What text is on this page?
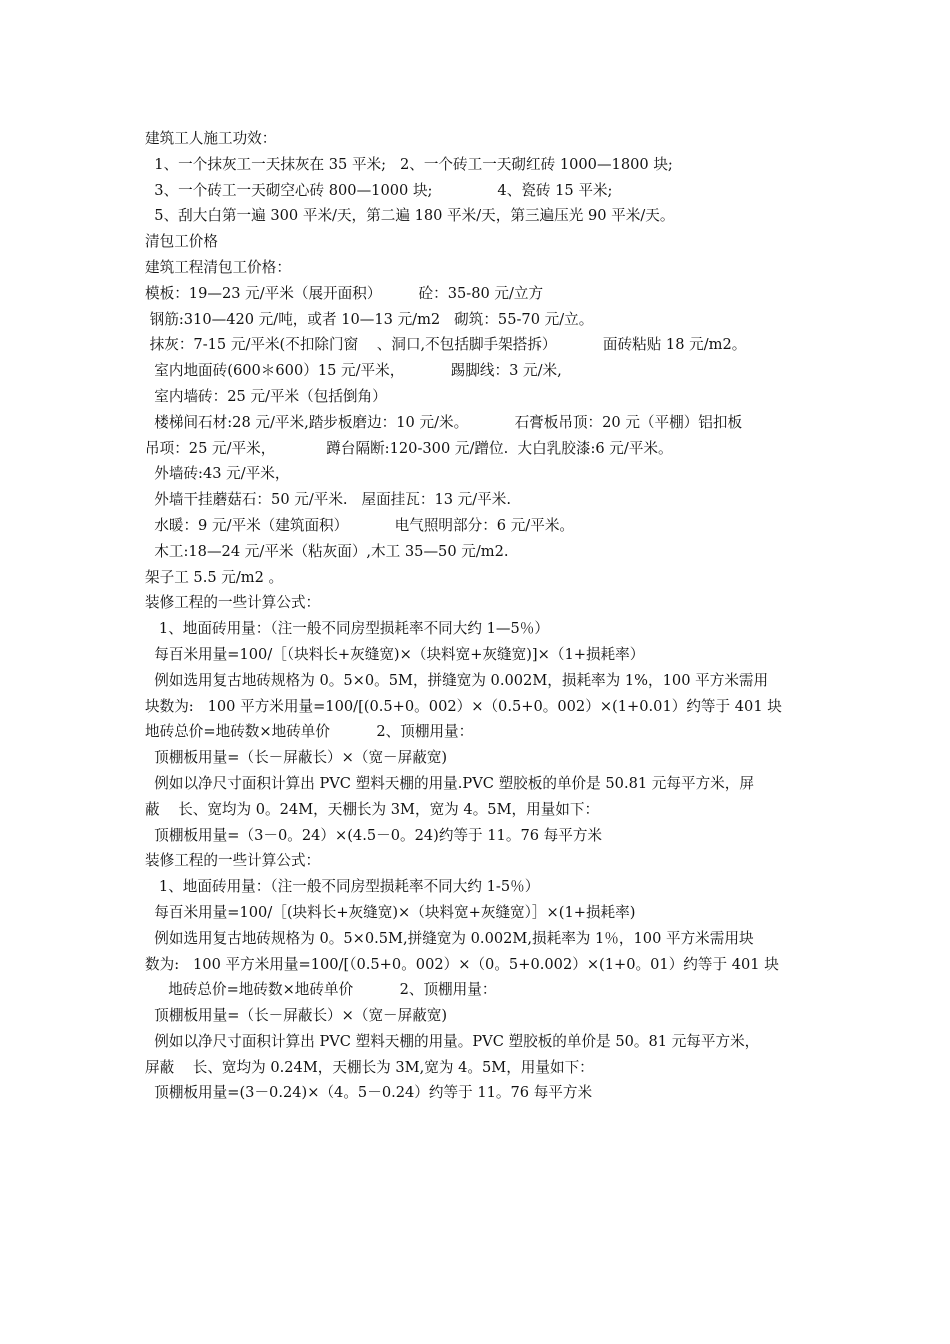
建筑工人施工功效：

1、一个抹灰工一天抹灰在 35 平米;   2、一个砖工一天砌红砖 1000—1800 块;

3、一个砖工一天砌空心砖 800—1000 块;              4、瓷砖 15 平米;

5、刮大白第一遍 300 平米/天，第二遍 180 平米/天，第三遍压光 90 平米/天。

清包工价格

建筑工程清包工价格：

模板：19—23 元/平米（展开面积）        砼：35-80 元/立方

钢筋:310—420 元/吨，或者 10—13 元/m2   砌筑：55-70 元/立。

抹灰：7-15 元/平米(不扣除门窗    、洞口,不包括脚手架搭拆）          面砖粘贴 18 元/m2。

室内地面砖(600＊600）15 元/平米，          踢脚线：3 元/米,

室内墙砖：25 元/平米（包括倒角）

楼梯间石材:28 元/平米,踏步板磨边：10 元/米。          石膏板吊顶：20 元（平棚）铝扣板

吊项：25 元/平米，           蹲台隔断:120-300 元/蹭位.  大白乳胶漆:6 元/平米。

外墙砖:43 元/平米，

外墙干挂蘑菇石：50 元/平米.   屋面挂瓦：13 元/平米.

水暖：9 元/平米（建筑面积）          电气照明部分：6 元/平米。

木工:18—24 元/平米（粘灰面）,木工 35—50 元/m2.

架子工 5.5 元/m2 。

装修工程的一些计算公式：

1、地面砖用量：（注一般不同房型损耗率不同大约 1—5％）

每百米用量=100/［（块料长+灰缝宽)×（块料宽+灰缝宽)]×（1+损耗率）

例如选用复古地砖规格为 0。5×0。5M，拼缝宽为 0.002M，损耗率为 1%，100 平方米需用

块数为:   100 平方米用量=100/[(0.5+0。002）×（0.5+0。002）×(1+0.01）约等于 401 块

地砖总价=地砖数×地砖单价          2、顶棚用量：

顶棚板用量=（长－屏蔽长）×（宽－屏蔽宽)

例如以净尺寸面积计算出 PVC 塑料天棚的用量.PVC 塑胶板的单价是 50.81 元每平方米，屏

蔽    长、宽均为 0。24M，天棚长为 3M，宽为 4。5M，用量如下：

顶棚板用量=（3－0。24）×(4.5－0。24)约等于 11。76 每平方米

装修工程的一些计算公式：

1、地面砖用量：（注一般不同房型损耗率不同大约 1-5％）

每百米用量=100/［(块料长+灰缝宽)×（块料宽+灰缝宽）］×(1+损耗率)

例如选用复古地砖规格为 0。5×0.5M,拼缝宽为 0.002M,损耗率为 1％，100 平方米需用块

数为:   100 平方米用量=100/[（0.5+0。002）×（0。5+0.002）×(1+0。01）约等于 401 块

地砖总价=地砖数×地砖单价          2、顶棚用量：

顶棚板用量=（长－屏蔽长）×（宽－屏蔽宽)

例如以净尺寸面积计算出 PVC 塑料天棚的用量。PVC 塑胶板的单价是 50。81 元每平方米，

屏蔽    长、宽均为 0.24M，天棚长为 3M,宽为 4。5M，用量如下：

顶棚板用量=(3－0.24)×（4。5－0.24）约等于 11。76 每平方米
